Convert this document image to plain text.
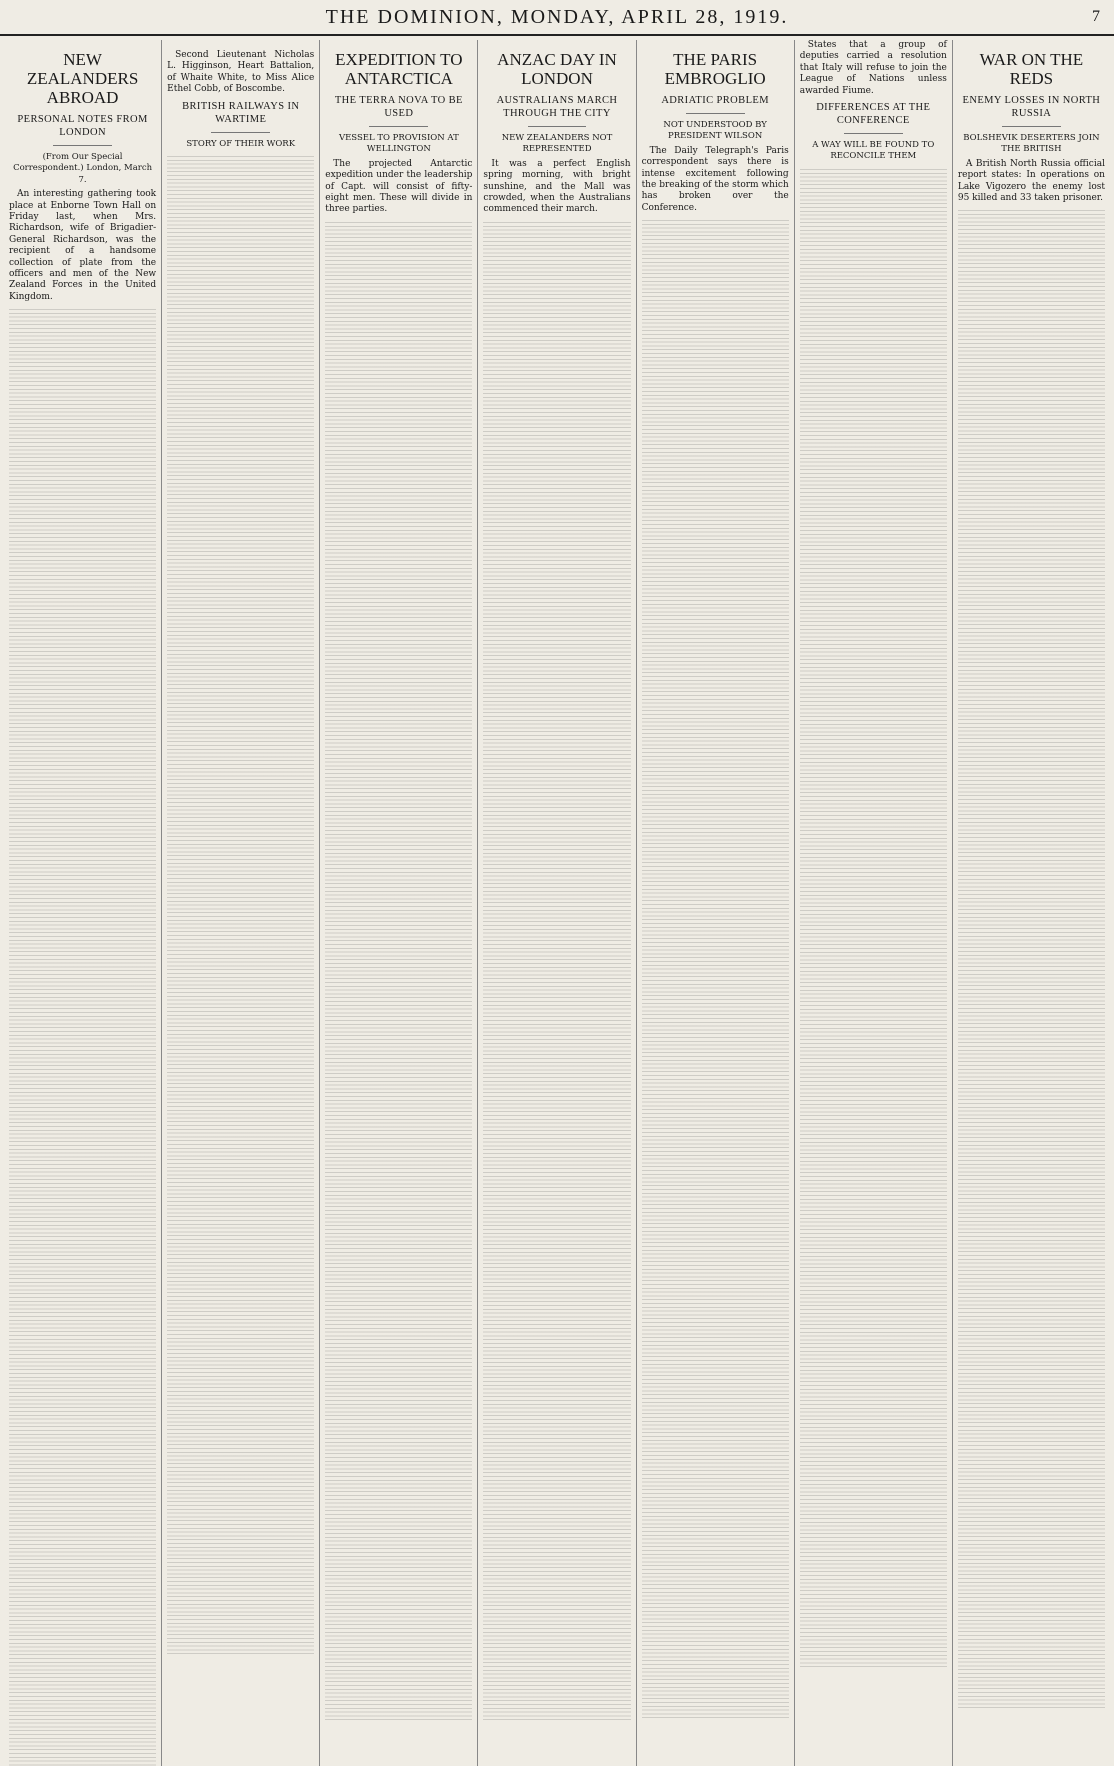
THE DOMINION, MONDAY, APRIL 28, 1919.	7
NEW ZEALANDERS ABROAD
PERSONAL NOTES FROM LONDON
(From Our Special Correspondent.) London, March 7.

An interesting gathering took place at Enborne Town Hall on Friday last, when Mrs. Richardson, wife of Brigadier-General Richardson, was the recipient of a handsome collection of plate from the officers and men of the New Zealand Forces in the United Kingdom.

Second Lieutenant Nicholas L. Higginson, Heart Battalion, of Whaite White, to Miss Alice Ethel Cobb, of Boscombe.

BRITISH RAILWAYS IN WARTIME
STORY OF THEIR WORK
EXPEDITION TO ANTARCTICA
THE TERRA NOVA TO BE USED
VESSEL TO PROVISION AT WELLINGTON

The projected Antarctic expedition under the leadership of Capt. will consist of fifty-eight men. These will divide in three parties.

ANZAC DAY IN LONDON
AUSTRALIANS MARCH THROUGH THE CITY
NEW ZEALANDERS NOT REPRESENTED

It was a perfect English spring morning, with bright sunshine, and the Mall was crowded, when the Australians commenced their march.

THE PARIS EMBROGLIO
ADRIATIC PROBLEM
NOT UNDERSTOOD BY PRESIDENT WILSON

The Daily Telegraph's Paris correspondent says there is intense excitement following the breaking of the storm which has broken over the Conference.

States that a group of deputies carried a resolution that Italy will refuse to join the League of Nations unless awarded Fiume.

DIFFERENCES AT THE CONFERENCE
A WAY WILL BE FOUND TO RECONCILE THEM
WAR ON THE REDS
ENEMY LOSSES IN NORTH RUSSIA
BOLSHEVIK DESERTERS JOIN THE BRITISH

A British North Russia official report states: In operations on Lake Vigozero the enemy lost 95 killed and 33 taken prisoner.
